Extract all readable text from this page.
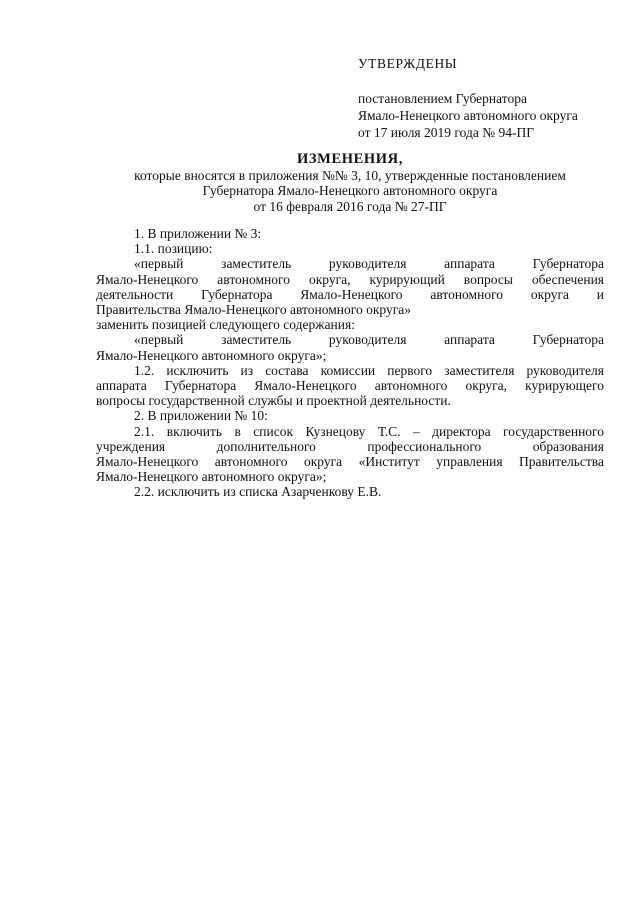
УТВЕРЖДЕНЫ
постановлением Губернатора
Ямало-Ненецкого автономного округа
от 17 июля 2019 года № 94-ПГ
ИЗМЕНЕНИЯ,
которые вносятся в приложения №№ 3, 10, утвержденные постановлением
Губернатора Ямало-Ненецкого автономного округа
от 16 февраля 2016 года № 27-ПГ
1. В приложении № 3:
1.1. позицию:
«первый заместитель руководителя аппарата Губернатора
Ямало-Ненецкого автономного округа, курирующий вопросы обеспечения
деятельности Губернатора Ямало-Ненецкого автономного округа и
Правительства Ямало-Ненецкого автономного округа»
заменить позицией следующего содержания:
«первый заместитель руководителя аппарата Губернатора
Ямало-Ненецкого автономного округа»;
1.2. исключить из состава комиссии первого заместителя руководителя
аппарата Губернатора Ямало-Ненецкого автономного округа, курирующего
вопросы государственной службы и проектной деятельности.
2. В приложении № 10:
2.1. включить в список Кузнецову Т.С. – директора государственного
учреждения дополнительного профессионального образования
Ямало-Ненецкого автономного округа «Институт управления Правительства
Ямало-Ненецкого автономного округа»;
2.2. исключить из списка Азарченкову Е.В.
